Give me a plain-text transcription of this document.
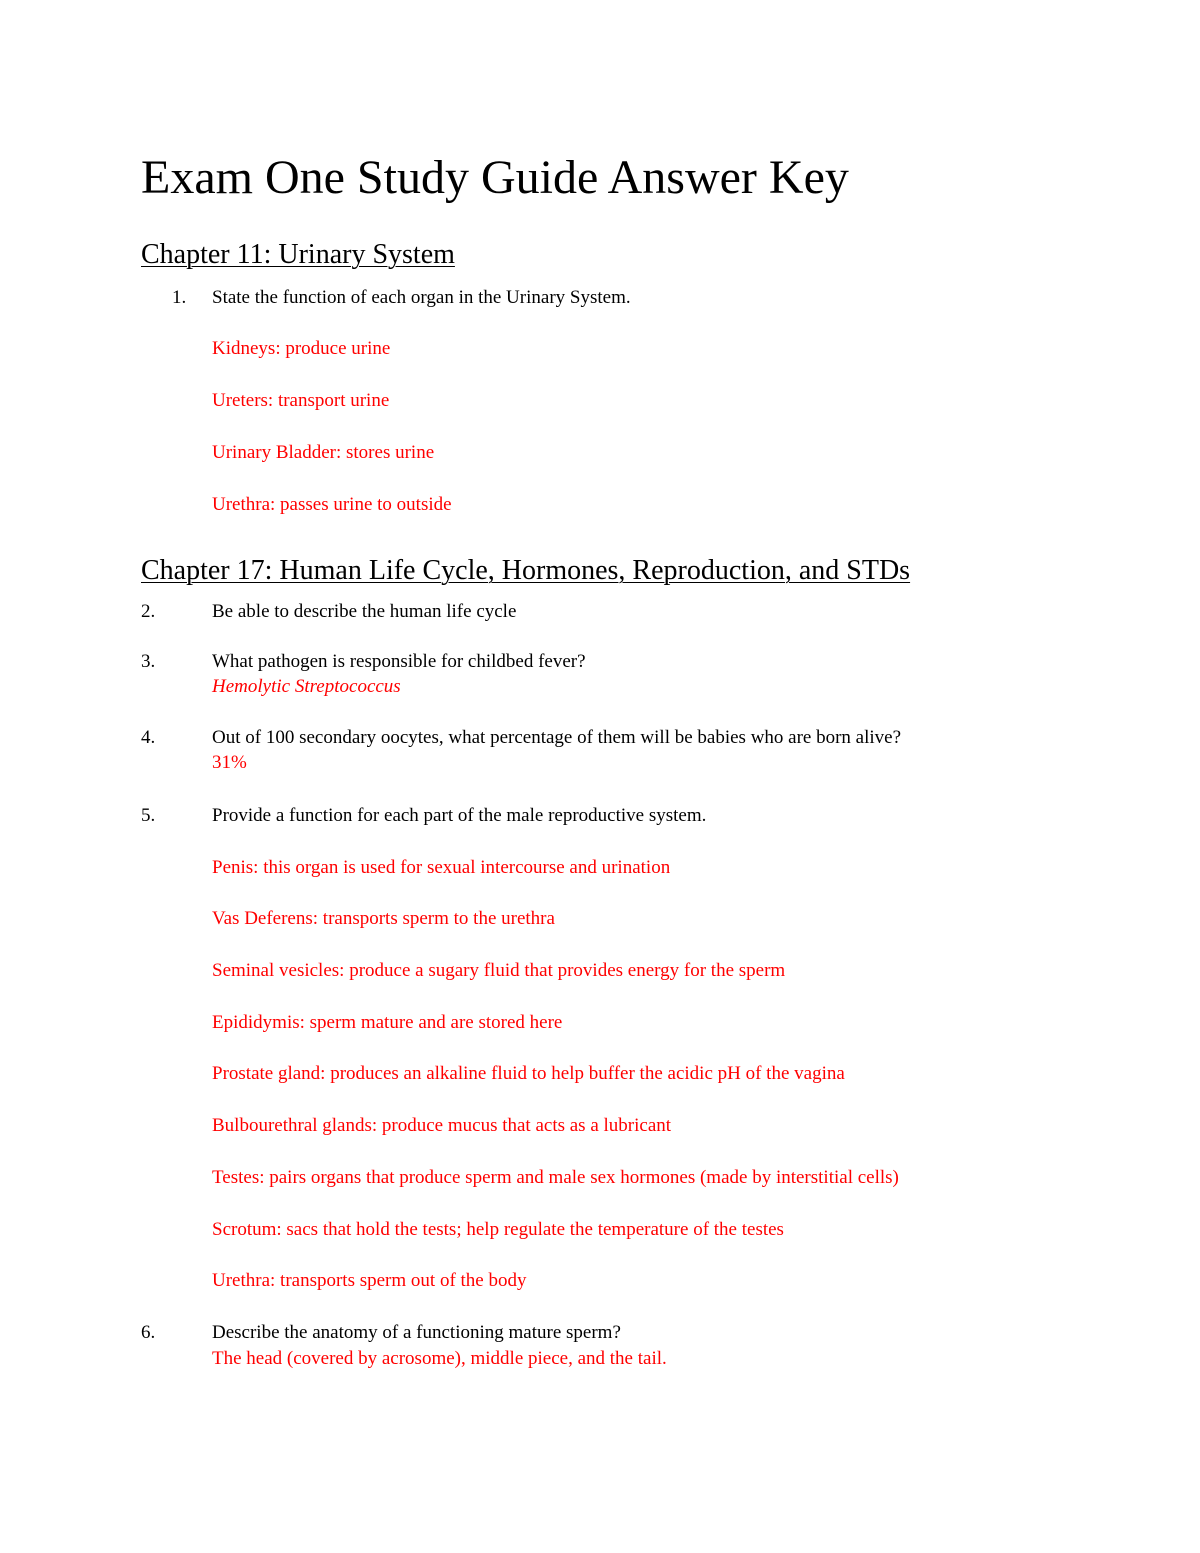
Exam One Study Guide Answer Key
Chapter 11: Urinary System
1. State the function of each organ in the Urinary System.
Kidneys: produce urine
Ureters: transport urine
Urinary Bladder: stores urine
Urethra: passes urine to outside
Chapter 17: Human Life Cycle, Hormones, Reproduction, and STDs
2.	Be able to describe the human life cycle
3.	What pathogen is responsible for childbed fever?
Hemolytic Streptococcus
4.	Out of 100 secondary oocytes, what percentage of them will be babies who are born alive?
31%
5.	Provide a function for each part of the male reproductive system.
Penis: this organ is used for sexual intercourse and urination
Vas Deferens: transports sperm to the urethra
Seminal vesicles: produce a sugary fluid that provides energy for the sperm
Epididymis: sperm mature and are stored here
Prostate gland: produces an alkaline fluid to help buffer the acidic pH of the vagina
Bulbourethral glands: produce mucus that acts as a lubricant
Testes: pairs organs that produce sperm and male sex hormones (made by interstitial cells)
Scrotum: sacs that hold the tests; help regulate the temperature of the testes
Urethra: transports sperm out of the body
6.	Describe the anatomy of a functioning mature sperm?
The head (covered by acrosome), middle piece, and the tail.
